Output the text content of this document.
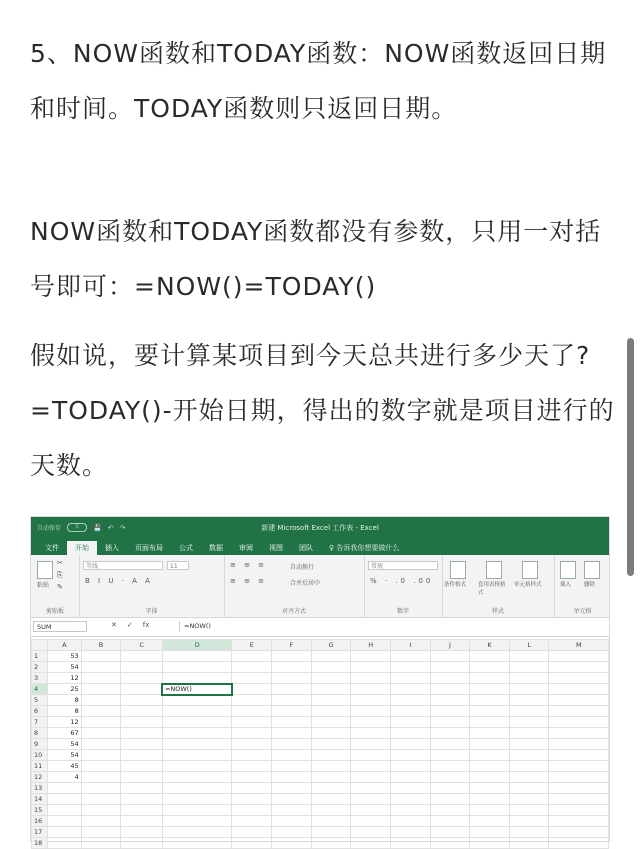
5、NOW函数和TODAY函数：NOW函数返回日期和时间。TODAY函数则只返回日期。
NOW函数和TODAY函数都没有参数，只用一对括号即可：=NOW()=TODAY()
假如说，要计算某项目到今天总共进行多少天了?=TODAY()-开始日期，得出的数字就是项目进行的天数。
自动保存	关	💾 ↶ ↷	新建 Microsoft Excel 工作表 - Excel
文件	开始	插入	页面布局	公式	数据	审阅	视图	团队	♀ 告诉我你想要做什么
粘贴
✂
⎘
✎
剪贴板
等线	11
B I U · A A
字体
≡ ≡ ≡
≡ ≡ ≡
自动换行
合并后居中
对齐方式
常规
% · .0 .00
数字
条件格式 套用表格格式
单元格样式
样式
插入 删除
单元格
SUM	✕ ✓ fx	=NOW()
	A	B	C	D	E	F	G	H	I	J	K	L	M
1	53												
2	54												
3	12												
4	25			=NOW()									
5	8												
6	8												
7	12												
8	67												
9	54												
10	54												
11	45												
12	4												
13													
14													
15													
16													
17													
18													
